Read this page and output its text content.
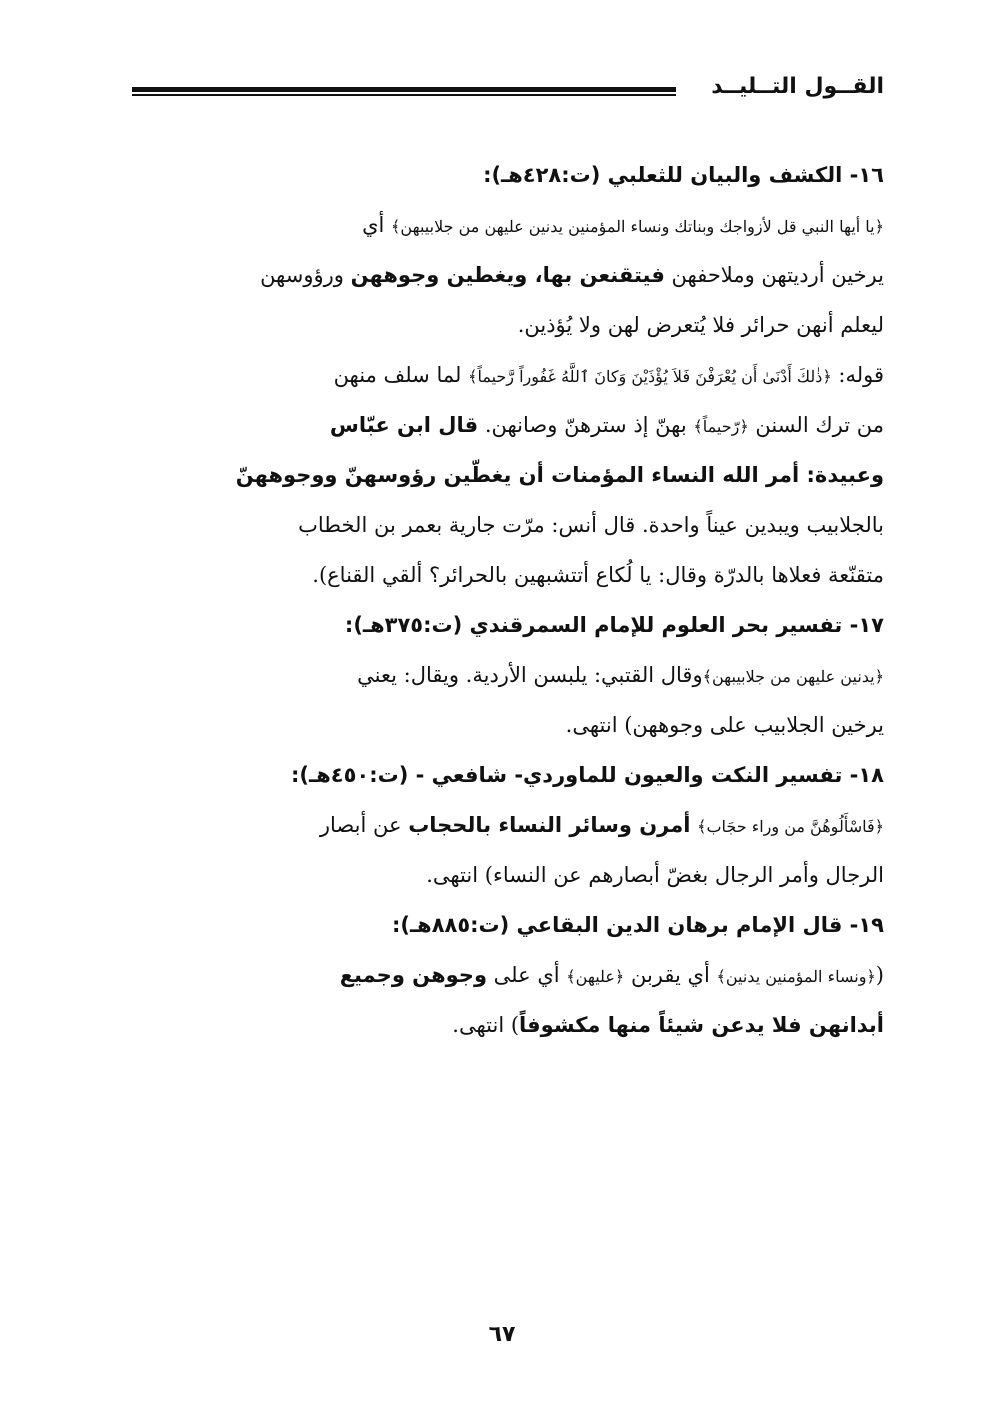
القــول التــليــد
١٦- الكشف والبيان للثعلبي (ت:٤٢٨هـ):
﴿يا أيها النبي قل لأزواجك وبناتك ونساء المؤمنين يدنين عليهن من جلابيبهن﴾ أي
يرخين أرديتهن وملاحفهن فيتقنعن بها، ويغطين وجوههن ورؤوسهن
ليعلم أنهن حرائر فلا يُتعرض لهن ولا يُؤذين.
قوله: ﴿ذٰلكَ أَدْنَىٰ أَن يُعْرَفْنَ فَلاَ يُؤْذَيْنَ وَكانَ ٱللَّهُ غَفُوراً رَّحيماً﴾ لما سلف منهن
من ترك السنن ﴿رّحيماً﴾ بهنّ إذ سترهنّ وصانهن. قال ابن عبّاس
وعبيدة: أمر الله النساء المؤمنات أن يغطّين رؤوسهنّ ووجوههنّ
بالجلابيب ويبدين عيناً واحدة. قال أنس: مرّت جارية بعمر بن الخطاب
متقنّعة فعلاها بالدرّة وقال: يا لُكاع أتتشبهين بالحرائر؟ ألقي القناع).
١٧- تفسير بحر العلوم للإمام السمرقندي (ت:٣٧٥هـ):
﴿يدنين عليهن من جلابيبهن﴾وقال القتبي: يلبسن الأردية. ويقال: يعني
يرخين الجلابيب على وجوههن) انتهى.
١٨- تفسير النكت والعيون للماوردي- شافعي - (ت:٤٥٠هـ):
﴿فَاسْأَلُوهُنَّ من وراء حجَاب﴾ أمرن وسائر النساء بالحجاب عن أبصار
الرجال وأمر الرجال بغضّ أبصارهم عن النساء) انتهى.
١٩- قال الإمام برهان الدين البقاعي (ت:٨٨٥هـ):
(﴿ونساء المؤمنين يدنين﴾ أي يقربن ﴿عليهن﴾ أي على وجوهن وجميع
أبدانهن فلا يدعن شيئاً منها مكشوفاً) انتهى.
٦٧
